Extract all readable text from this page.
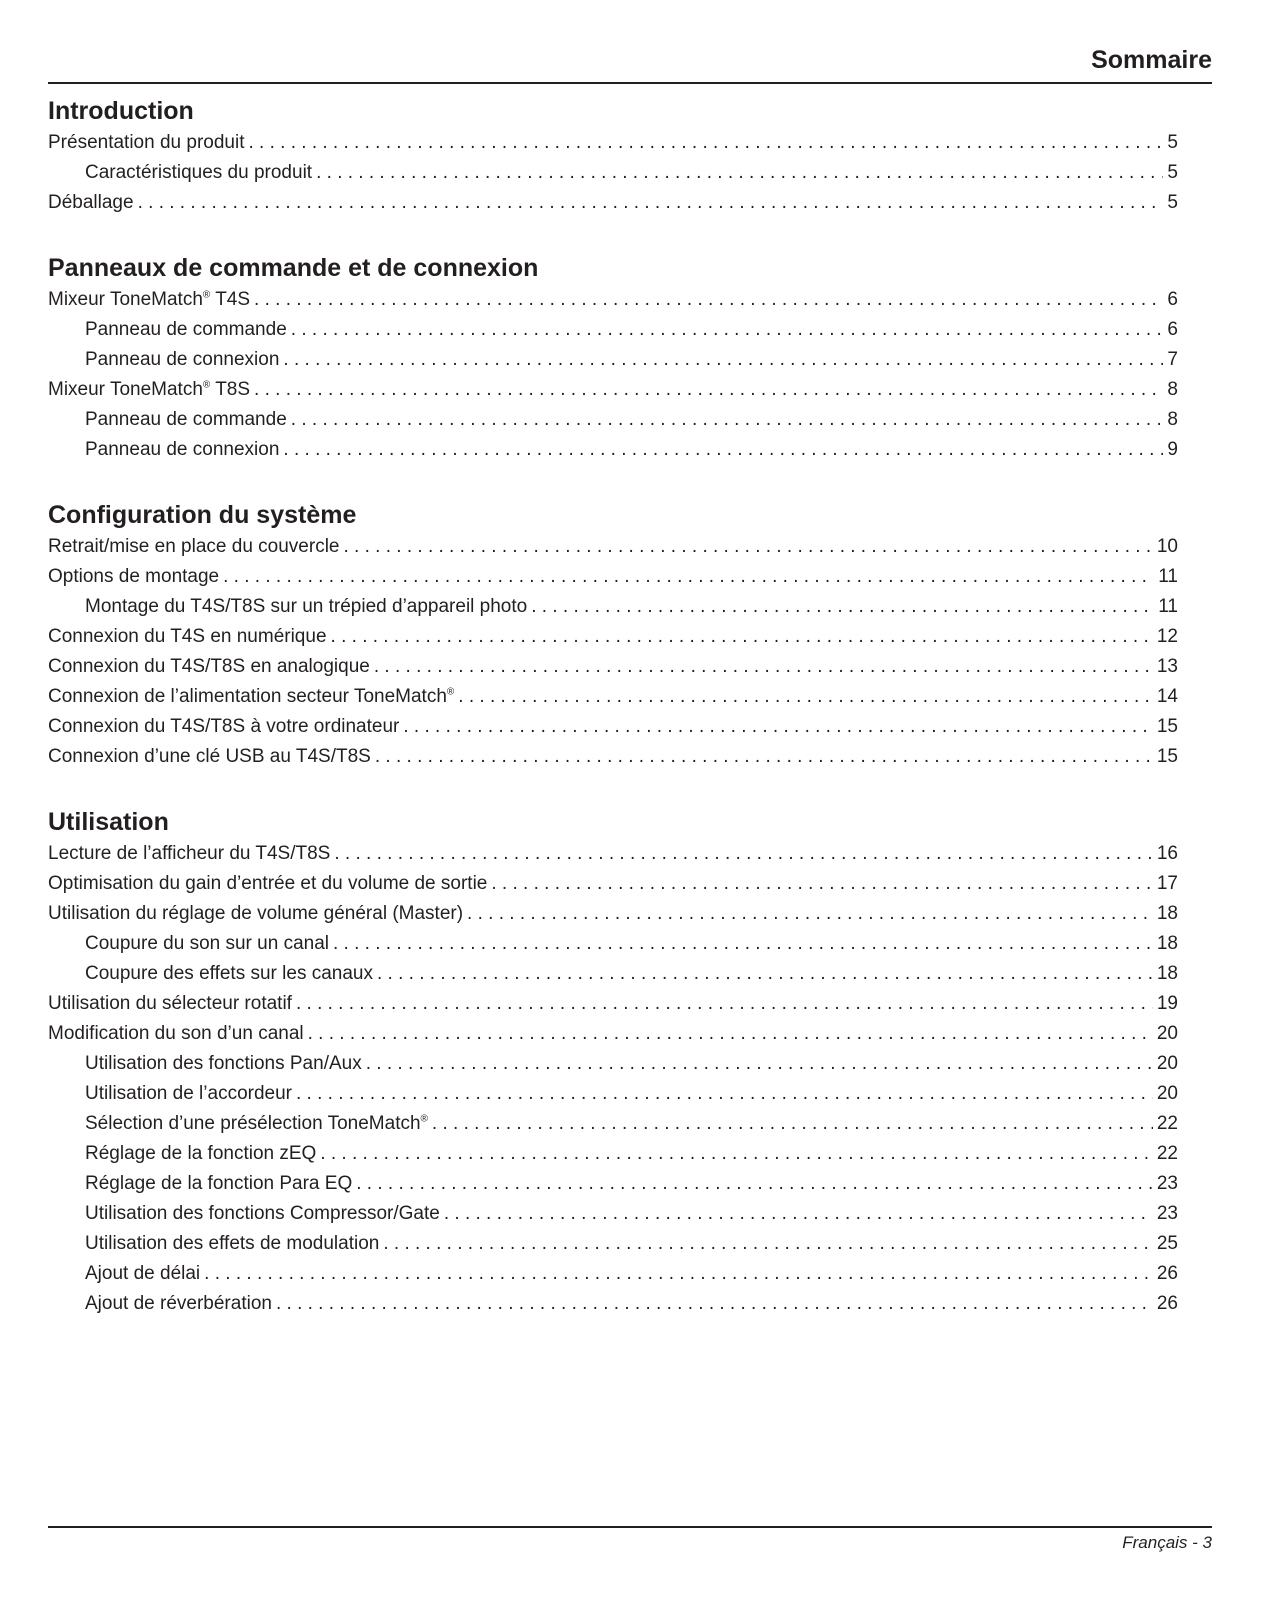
Sommaire
Introduction
Présentation du produit . . .	5
Caractéristiques du produit . . .	5
Déballage . . .	5
Panneaux de commande et de connexion
Mixeur ToneMatch® T4S . . .	6
Panneau de commande . . .	6
Panneau de connexion . . .	7
Mixeur ToneMatch® T8S . . .	8
Panneau de commande . . .	8
Panneau de connexion . . .	9
Configuration du système
Retrait/mise en place du couvercle . . .	10
Options de montage . . .	11
Montage du T4S/T8S sur un trépied d’appareil photo . . .	11
Connexion du T4S en numérique . . .	12
Connexion du T4S/T8S en analogique . . .	13
Connexion de l’alimentation secteur ToneMatch® . . .	14
Connexion du T4S/T8S à votre ordinateur . . .	15
Connexion d’une clé USB au T4S/T8S . . .	15
Utilisation
Lecture de l’afficheur du T4S/T8S . . .	16
Optimisation du gain d’entrée et du volume de sortie . . .	17
Utilisation du réglage de volume général (Master) . . .	18
Coupure du son sur un canal . . .	18
Coupure des effets sur les canaux . . .	18
Utilisation du sélecteur rotatif . . .	19
Modification du son d’un canal . . .	20
Utilisation des fonctions Pan/Aux . . .	20
Utilisation de l’accordeur . . .	20
Sélection d’une présélection ToneMatch® . . .	22
Réglage de la fonction zEQ . . .	22
Réglage de la fonction Para EQ . . .	23
Utilisation des fonctions Compressor/Gate . . .	23
Utilisation des effets de modulation . . .	25
Ajout de délai . . .	26
Ajout de réverbération . . .	26
Français - 3
